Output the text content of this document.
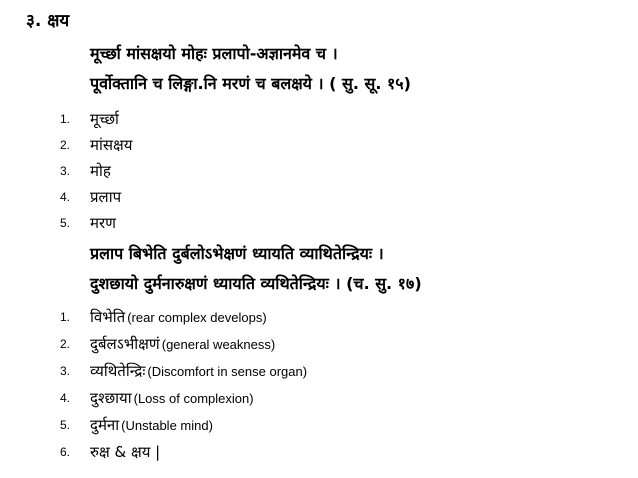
३. क्षय
मूर्च्छा मांसक्षयो मोहः प्रलापो-अज्ञानमेव च ।
पूर्वोक्तानि च लिङ्गा.नि मरणं च बलक्षये । ( सु. सू. १५)
1.	मूर्च्छा
2.	मांसक्षय
3.	मोह
4.	प्रलाप
5.	मरण
प्रलाप बिभेति दुर्बलोऽभेक्षणं ध्यायति व्याथितेन्द्रियः ।
दुशछायो दुर्मनारुक्षणं ध्यायति व्यथितेन्द्रियः । (च. सु. १७)
1.	विभेति (rear complex develops)
2.	दुर्बलऽभीक्षणं (general weakness)
3.	व्यथितेन्द्रिः (Discomfort in sense organ)
4.	दुश्छाया (Loss of complexion)
5.	दुर्मना (Unstable mind)
6.	रुक्ष & क्षय |
